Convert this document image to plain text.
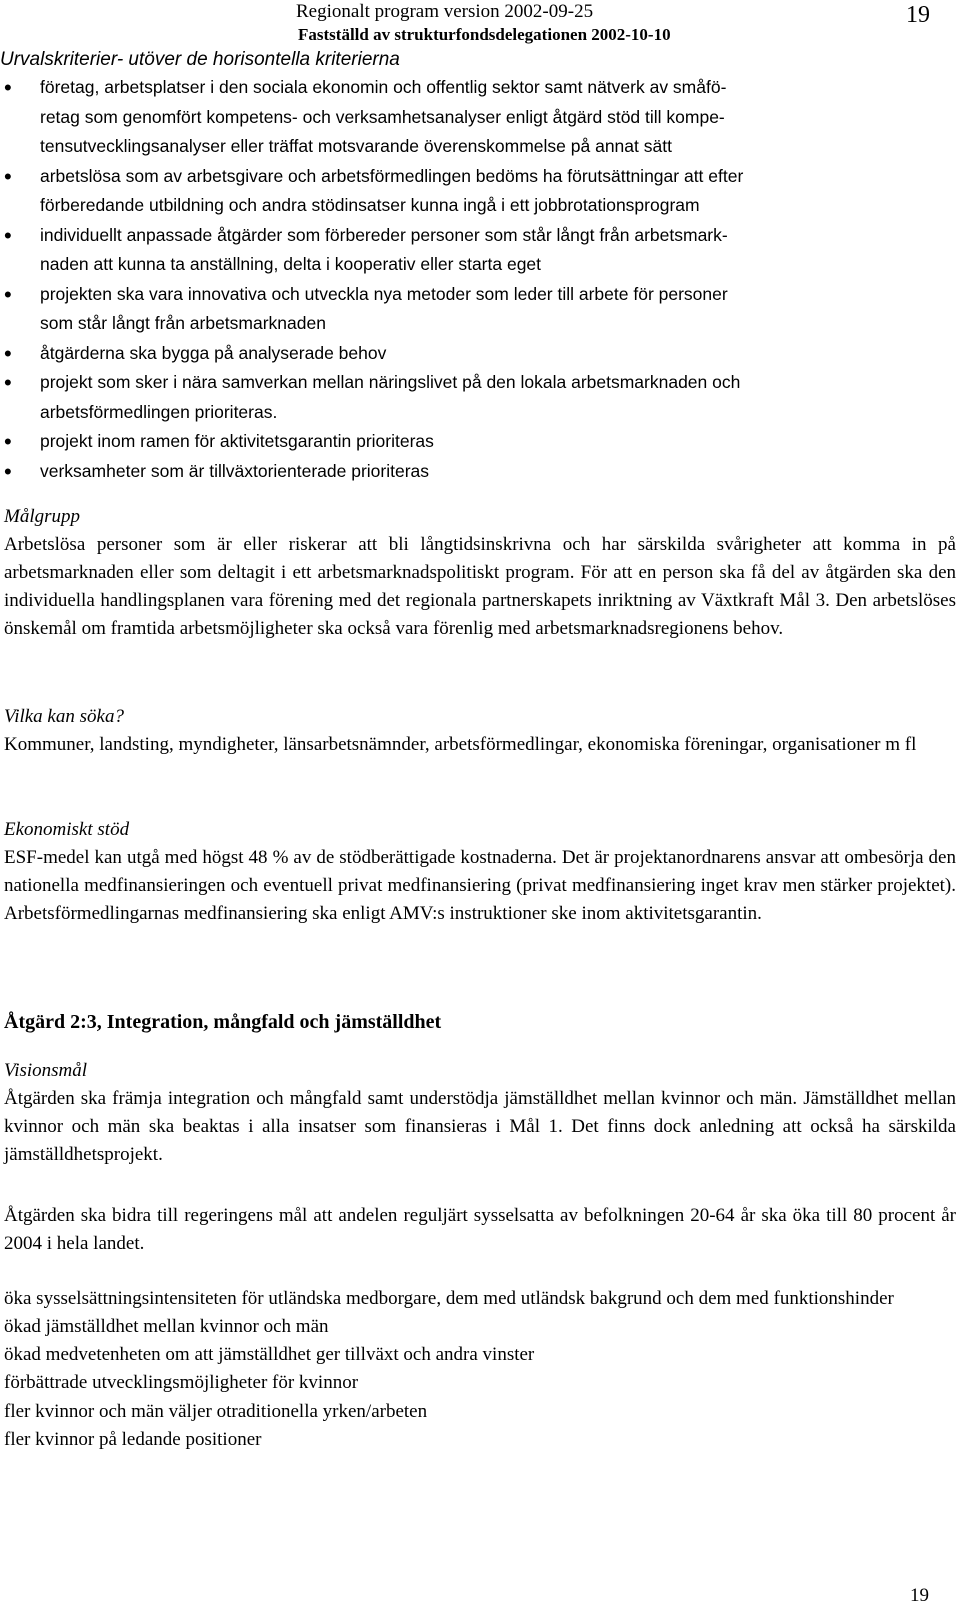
Regionalt program version 2002-09-25
Fastställd av strukturfondsdelegationen 2002-10-10
19
Urvalskriterier- utöver de horisontella kriterierna
• företag, arbetsplatser i den sociala ekonomin och offentlig sektor samt nätverk av småfö-
retag som genomfört kompetens- och verksamhetsanalyser enligt åtgärd stöd till kompe-
tensutvecklingsanalyser eller träffat motsvarande överenskommelse på annat sätt
• arbetslösa som av arbetsgivare och arbetsförmedlingen bedöms ha förutsättningar att efter
förberedande utbildning och andra stödinsatser kunna ingå i ett jobbrotationsprogram
• individuellt anpassade åtgärder som förbereder personer som står långt från arbetsmark-
naden att kunna ta anställning, delta i kooperativ eller starta eget
• projekten ska vara innovativa och utveckla nya metoder som leder till arbete för personer
som står långt från arbetsmarknaden
• åtgärderna ska bygga på analyserade behov
• projekt som sker i nära samverkan mellan näringslivet på den lokala arbetsmarknaden och
arbetsförmedlingen prioriteras.
• projekt inom ramen för aktivitetsgarantin prioriteras
• verksamheter som är tillväxtorienterade prioriteras
Målgrupp
Arbetslösa personer som är eller riskerar att bli långtidsinskrivna och har särskilda svårigheter att komma in på arbetsmarknaden eller som deltagit i ett arbetsmarknadspolitiskt program. För att en person ska få del av åtgärden ska den individuella handlingsplanen vara förening med det regionala partnerskapets inriktning av Växtkraft Mål 3. Den arbetslöses önskemål om framtida arbetsmöjligheter ska också vara förenlig med arbetsmarknadsregionens behov.
Vilka kan söka?
Kommuner, landsting, myndigheter, länsarbetsnämnder, arbetsförmedlingar, ekonomiska föreningar, organisationer m fl
Ekonomiskt stöd
ESF-medel kan utgå med högst 48 % av de stödberättigade kostnaderna. Det är projektanordnarens ansvar att ombesörja den nationella medfinansieringen och eventuell privat medfinansiering (privat medfinansiering inget krav men stärker projektet). Arbetsförmedlingarnas medfinansiering ska enligt AMV:s instruktioner ske inom aktivitetsgarantin.
Åtgärd 2:3, Integration, mångfald och jämställdhet
Visionsmål
Åtgärden ska främja integration och mångfald samt understödja jämställdhet mellan kvinnor och män. Jämställdhet mellan kvinnor och män ska beaktas i alla insatser som finansieras i Mål 1. Det finns dock anledning att också ha särskilda jämställdhetsprojekt.
Åtgärden ska bidra till regeringens mål att andelen reguljärt sysselsatta av befolkningen 20-64 år ska öka till 80 procent år 2004 i hela landet.
öka sysselsättningsintensiteten för utländska medborgare, dem med utländsk bakgrund och dem med funktionshinder
ökad jämställdhet mellan kvinnor och män
ökad medvetenheten om att jämställdhet ger tillväxt och andra vinster
förbättrade utvecklingsmöjligheter för kvinnor
fler kvinnor och män väljer otraditionella yrken/arbeten
fler kvinnor på ledande positioner
19
